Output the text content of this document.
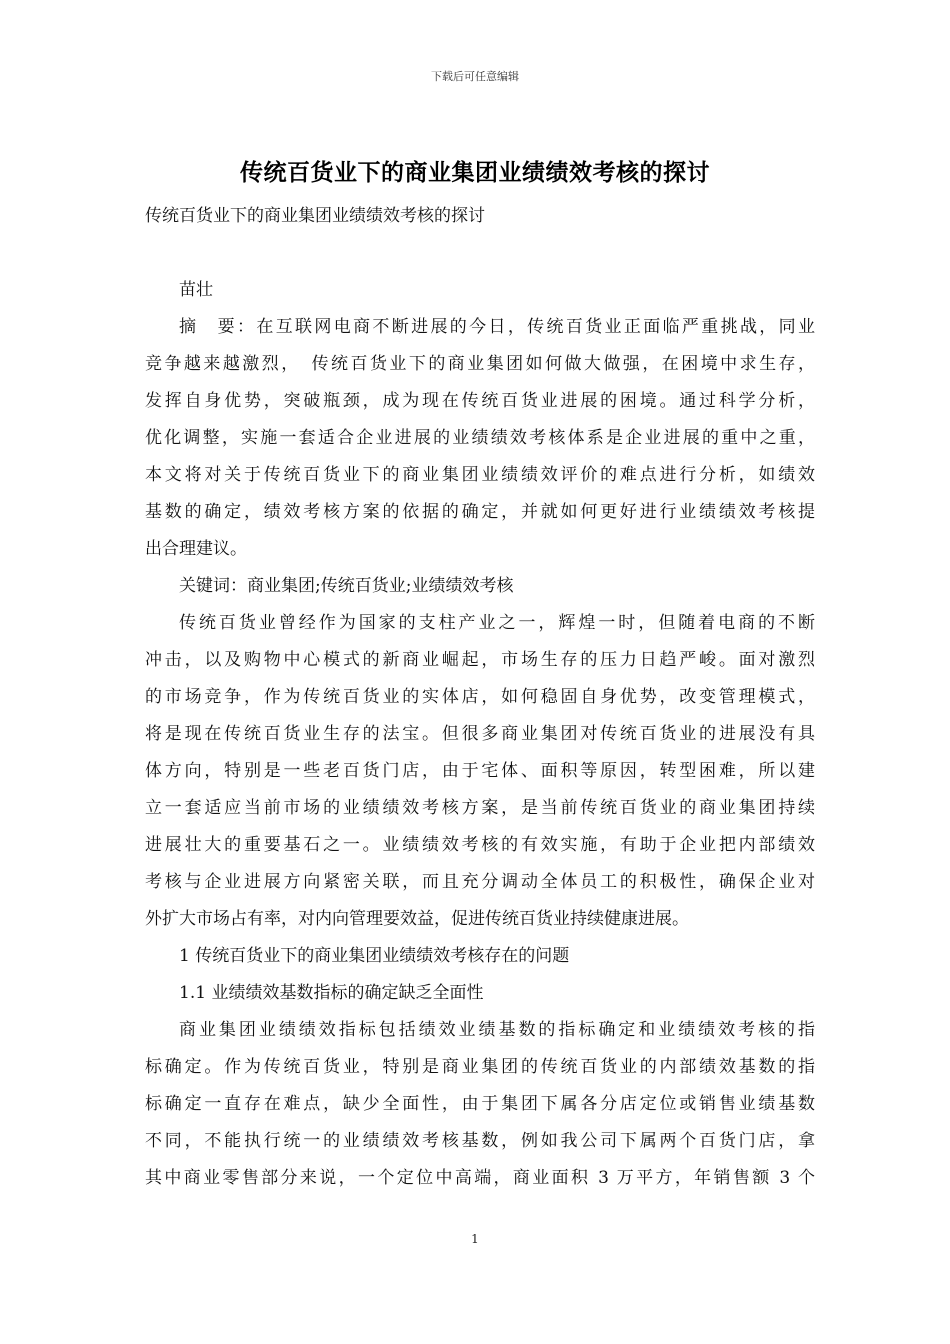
下载后可任意编辑
传统百货业下的商业集团业绩绩效考核的探讨

传统百货业下的商业集团业绩绩效考核的探讨

苗壮

摘　要：在互联网电商不断进展的今日，传统百货业正面临严重挑战，同业

竞争越来越激烈，　传统百货业下的商业集团如何做大做强，在困境中求生存，

发挥自身优势，突破瓶颈，成为现在传统百货业进展的困境。通过科学分析，

优化调整，实施一套适合企业进展的业绩绩效考核体系是企业进展的重中之重，

本文将对关于传统百货业下的商业集团业绩绩效评价的难点进行分析，如绩效

基数的确定，绩效考核方案的依据的确定，并就如何更好进行业绩绩效考核提

出合理建议。

关键词：商业集团;传统百货业;业绩绩效考核

传统百货业曾经作为国家的支柱产业之一，辉煌一时，但随着电商的不断

冲击，以及购物中心模式的新商业崛起，市场生存的压力日趋严峻。面对激烈

的市场竞争，作为传统百货业的实体店，如何稳固自身优势，改变管理模式，

将是现在传统百货业生存的法宝。但很多商业集团对传统百货业的进展没有具

体方向，特别是一些老百货门店，由于宅体、面积等原因，转型困难，所以建

立一套适应当前市场的业绩绩效考核方案，是当前传统百货业的商业集团持续

进展壮大的重要基石之一。业绩绩效考核的有效实施，有助于企业把内部绩效

考核与企业进展方向紧密关联，而且充分调动全体员工的积极性，确保企业对

外扩大市场占有率，对内向管理要效益，促进传统百货业持续健康进展。

1 传统百货业下的商业集团业绩绩效考核存在的问题

1.1 业绩绩效基数指标的确定缺乏全面性

商业集团业绩绩效指标包括绩效业绩基数的指标确定和业绩绩效考核的指

标确定。作为传统百货业，特别是商业集团的传统百货业的内部绩效基数的指

标确定一直存在难点，缺少全面性，由于集团下属各分店定位或销售业绩基数

不同，不能执行统一的业绩绩效考核基数，例如我公司下属两个百货门店，拿

其中商业零售部分来说，一个定位中高端，商业面积 3 万平方，年销售额 3 个

1
